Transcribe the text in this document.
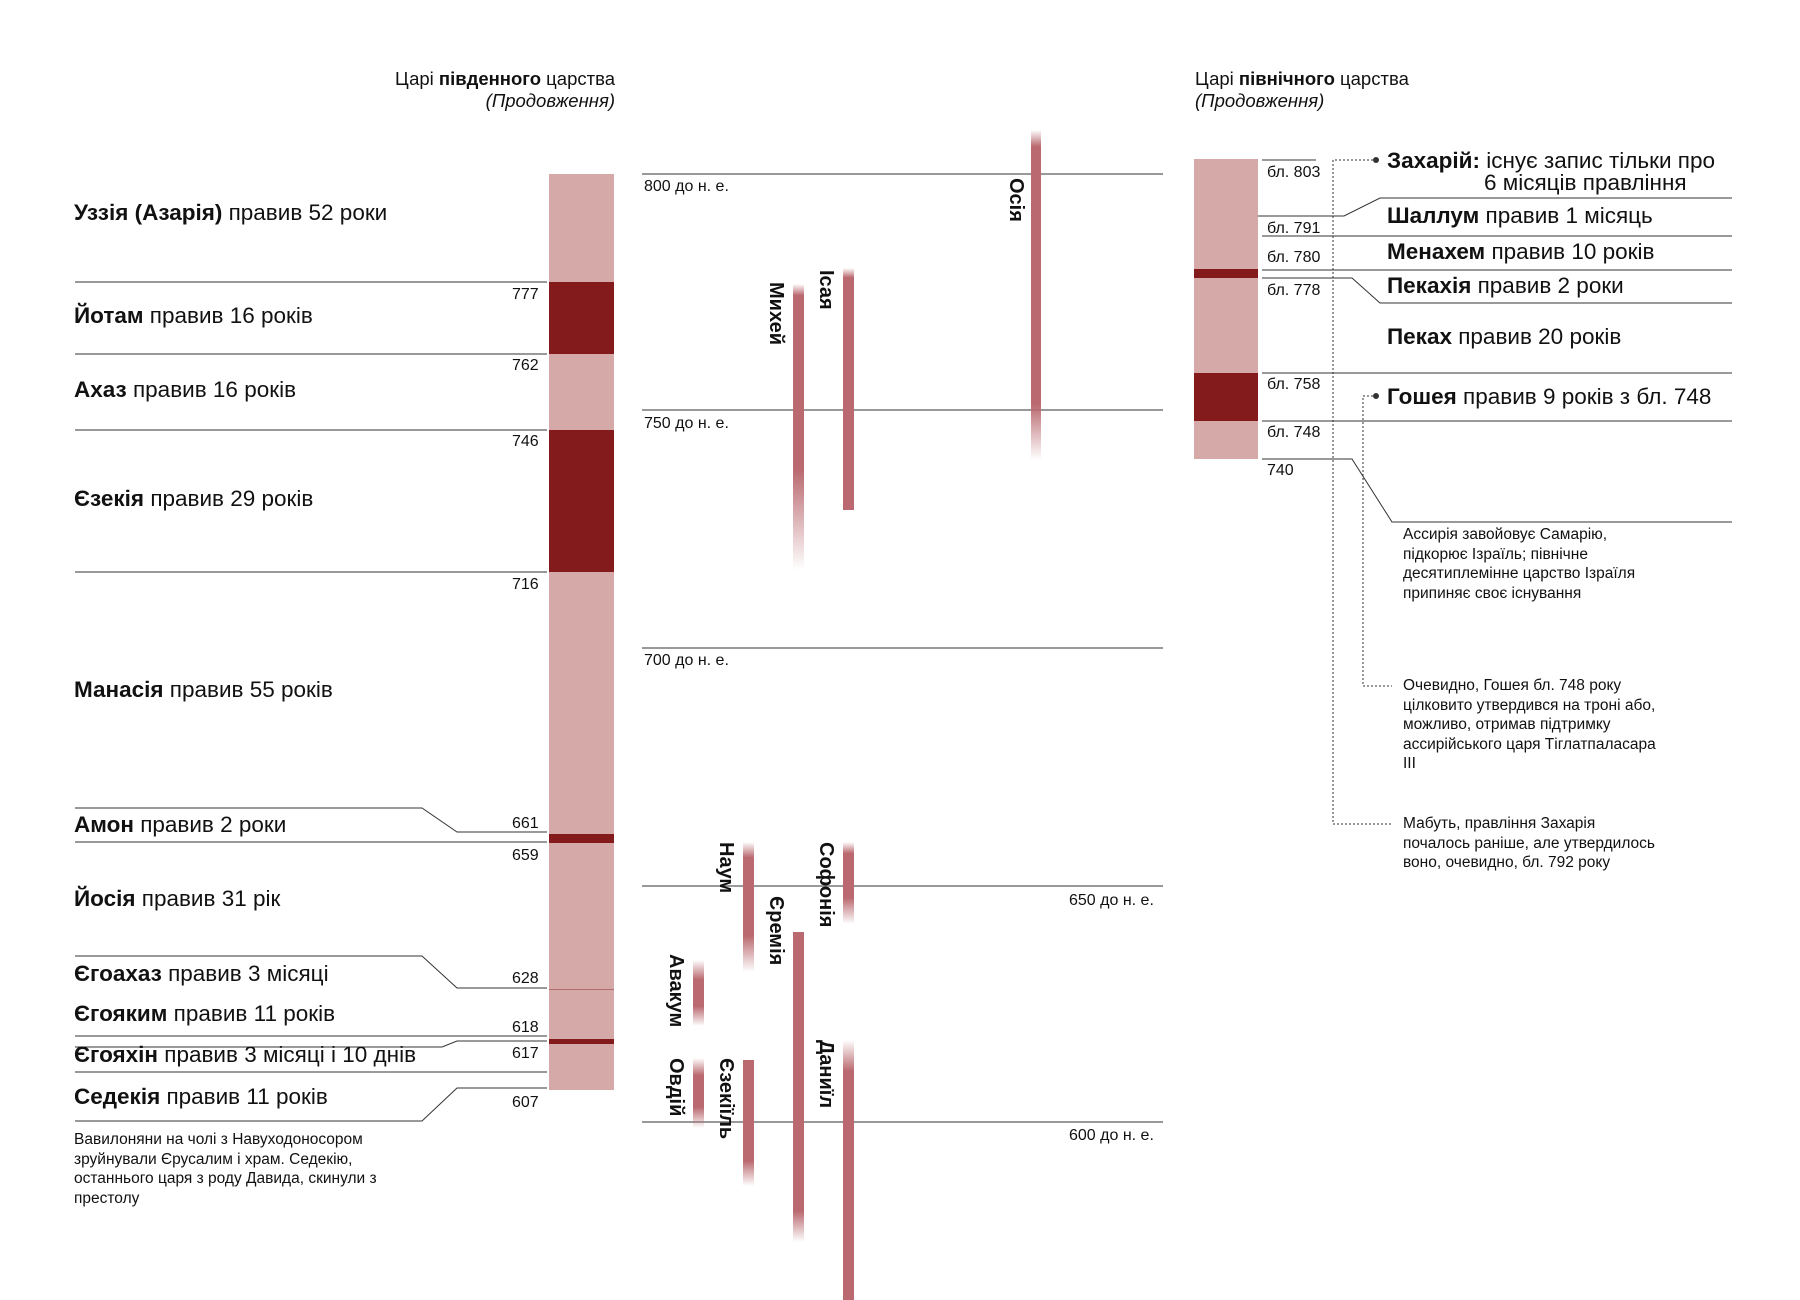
Осія
Ісая
Михей
Наум	Софонія
Єремія
Авакум
Овдій Єзекіїль	Даниїл
Царі південного царства
(Продовження)
Царі північного царства
(Продовження)
Уззія (Азарія) правив 52 роки
Йотам правив 16 років
Ахаз правив 16 років
Єзекія правив 29 років
Манасія правив 55 років
Амон правив 2 роки
Йосія правив 31 рік
Єгоахаз правив 3 місяці
Єгояким правив 11 років
Єгояхін правив 3 місяці і 10 днів
Седекія правив 11 років
777
762
746
716
661
659
628
618
617
607
Вавилоняни на чолі з Навуходоносором зруйнували Єрусалим і храм. Седекію, останнього царя з роду Давида, скинули з престолу
800 до н. е.
750 до н. е.
700 до н. е.
650 до н. е.
600 до н. е.
бл. 803
бл. 791
бл. 780
бл. 778
бл. 758
бл. 748
740
Захарій: існує запис тільки про
6 місяців правління
Шаллум правив 1 місяць
Менахем правив 10 років
Пекахія правив 2 роки
Пеках правив 20 років
Гошея правив 9 років з бл. 748
Ассирія завойовує Самарію, підкорює Ізраїль; північне десятиплемінне царство Ізраїля припиняє своє існування
Очевидно, Гошея бл. 748 року цілковито утвердився на троні або, можливо, отримав підтримку ассирійського царя Тіглатпаласара III
Мабуть, правління Захарія почалось раніше, але утвердилось воно, очевидно, бл. 792 року
